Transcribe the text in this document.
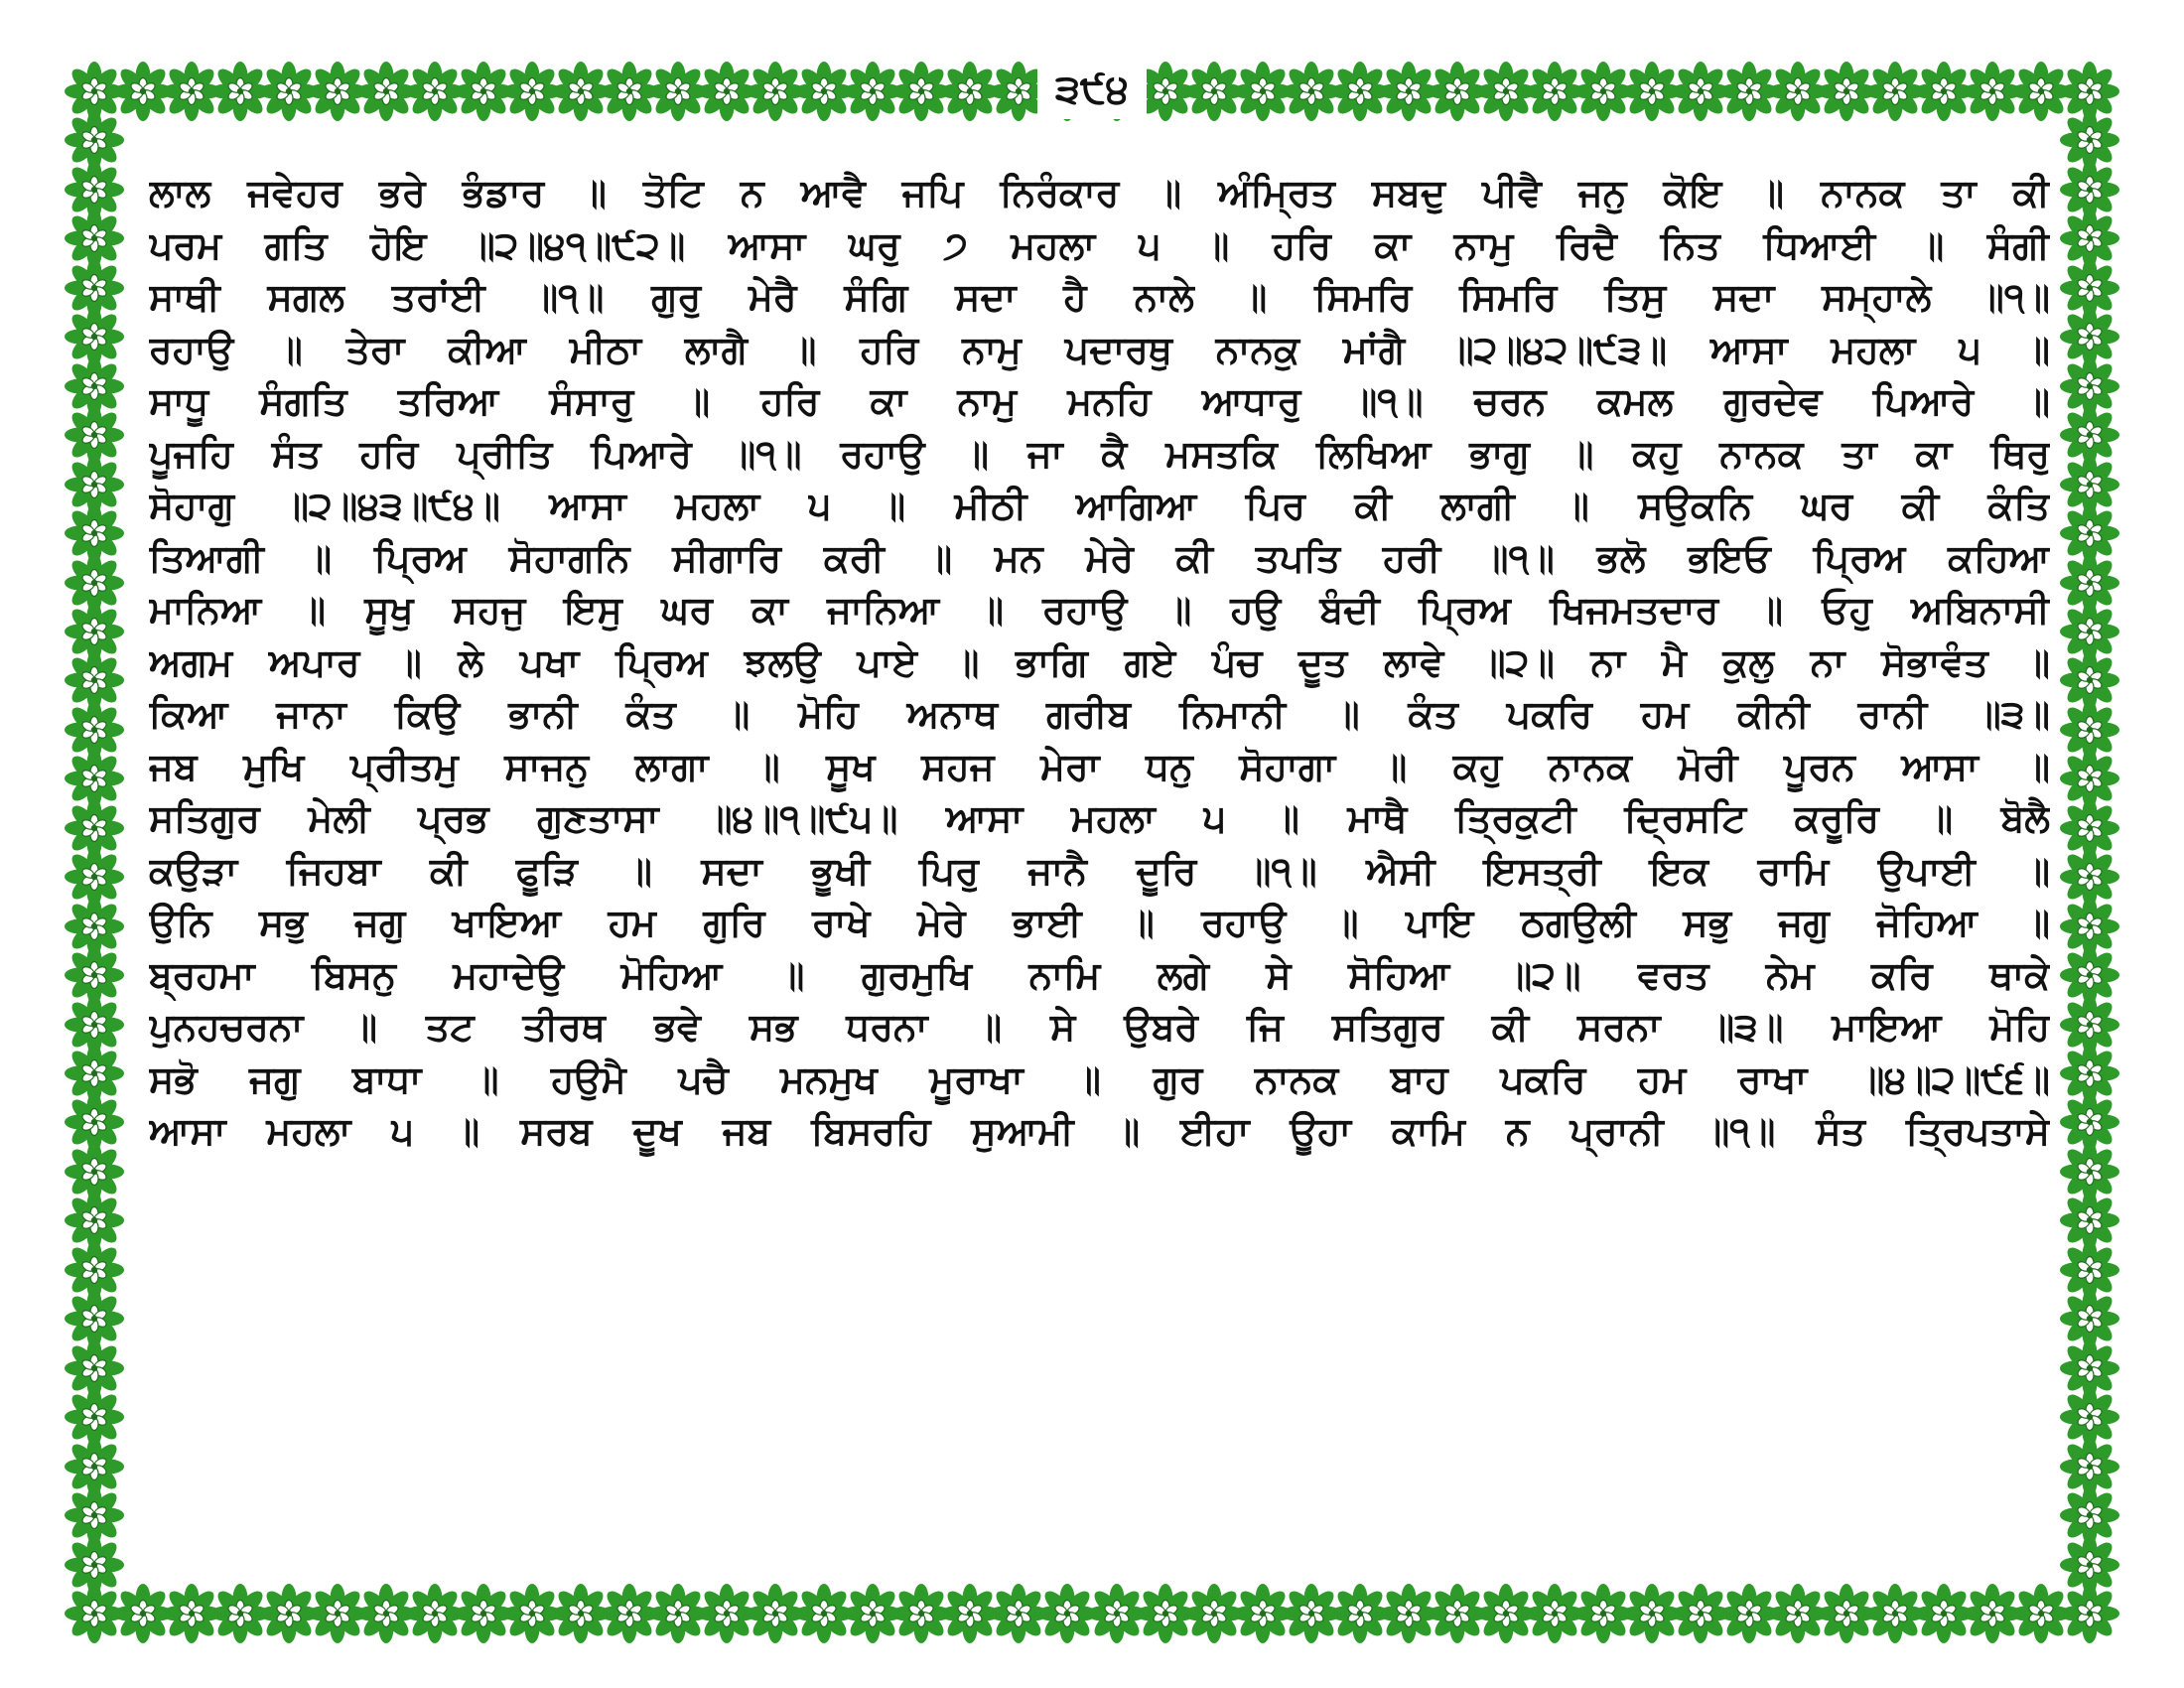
੩੯੪
ਲਾਲ ਜਵੇਹਰ ਭਰੇ ਭੰਡਾਰ ॥ ਤੋਟਿ ਨ ਆਵੈ ਜਪਿ ਨਿਰੰਕਾਰ ॥ ਅੰਮ੍ਰਿਤ ਸਬਦੁ ਪੀਵੈ ਜਨੁ ਕੋਇ ॥ ਨਾਨਕ ਤਾ ਕੀ
ਪਰਮ ਗਤਿ ਹੋਇ ॥੨॥੪੧॥੯੨॥ ਆਸਾ ਘਰੁ ੭ ਮਹਲਾ ੫ ॥ ਹਰਿ ਕਾ ਨਾਮੁ ਰਿਦੈ ਨਿਤ ਧਿਆਈ ॥ ਸੰਗੀ
ਸਾਥੀ ਸਗਲ ਤਰਾਂਈ ॥੧॥ ਗੁਰੁ ਮੇਰੈ ਸੰਗਿ ਸਦਾ ਹੈ ਨਾਲੇ ॥ ਸਿਮਰਿ ਸਿਮਰਿ ਤਿਸੁ ਸਦਾ ਸਮ੍ਹਾਲੇ ॥੧॥
ਰਹਾਉ ॥ ਤੇਰਾ ਕੀਆ ਮੀਠਾ ਲਾਗੈ ॥ ਹਰਿ ਨਾਮੁ ਪਦਾਰਥੁ ਨਾਨਕੁ ਮਾਂਗੈ ॥੨॥੪੨॥੯੩॥ ਆਸਾ ਮਹਲਾ ੫ ॥
ਸਾਧੂ ਸੰਗਤਿ ਤਰਿਆ ਸੰਸਾਰੁ ॥ ਹਰਿ ਕਾ ਨਾਮੁ ਮਨਹਿ ਆਧਾਰੁ ॥੧॥ ਚਰਨ ਕਮਲ ਗੁਰਦੇਵ ਪਿਆਰੇ ॥
ਪੂਜਹਿ ਸੰਤ ਹਰਿ ਪ੍ਰੀਤਿ ਪਿਆਰੇ ॥੧॥ ਰਹਾਉ ॥ ਜਾ ਕੈ ਮਸਤਕਿ ਲਿਖਿਆ ਭਾਗੁ ॥ ਕਹੁ ਨਾਨਕ ਤਾ ਕਾ ਥਿਰੁ
ਸੋਹਾਗੁ ॥੨॥੪੩॥੯੪॥ ਆਸਾ ਮਹਲਾ ੫ ॥ ਮੀਠੀ ਆਗਿਆ ਪਿਰ ਕੀ ਲਾਗੀ ॥ ਸਉਕਨਿ ਘਰ ਕੀ ਕੰਤਿ
ਤਿਆਗੀ ॥ ਪ੍ਰਿਅ ਸੋਹਾਗਨਿ ਸੀਗਾਰਿ ਕਰੀ ॥ ਮਨ ਮੇਰੇ ਕੀ ਤਪਤਿ ਹਰੀ ॥੧॥ ਭਲੋ ਭਇਓ ਪ੍ਰਿਅ ਕਹਿਆ
ਮਾਨਿਆ ॥ ਸੂਖੁ ਸਹਜੁ ਇਸੁ ਘਰ ਕਾ ਜਾਨਿਆ ॥ ਰਹਾਉ ॥ ਹਉ ਬੰਦੀ ਪ੍ਰਿਅ ਖਿਜਮਤਦਾਰ ॥ ਓਹੁ ਅਬਿਨਾਸੀ
ਅਗਮ ਅਪਾਰ ॥ ਲੇ ਪਖਾ ਪ੍ਰਿਅ ਝਲਉ ਪਾਏ ॥ ਭਾਗਿ ਗਏ ਪੰਚ ਦੂਤ ਲਾਵੇ ॥੨॥ ਨਾ ਮੈ ਕੁਲੁ ਨਾ ਸੋਭਾਵੰਤ ॥
ਕਿਆ ਜਾਨਾ ਕਿਉ ਭਾਨੀ ਕੰਤ ॥ ਮੋਹਿ ਅਨਾਥ ਗਰੀਬ ਨਿਮਾਨੀ ॥ ਕੰਤ ਪਕਰਿ ਹਮ ਕੀਨੀ ਰਾਨੀ ॥੩॥
ਜਬ ਮੁਖਿ ਪ੍ਰੀਤਮੁ ਸਾਜਨੁ ਲਾਗਾ ॥ ਸੂਖ ਸਹਜ ਮੇਰਾ ਧਨੁ ਸੋਹਾਗਾ ॥ ਕਹੁ ਨਾਨਕ ਮੋਰੀ ਪੂਰਨ ਆਸਾ ॥
ਸਤਿਗੁਰ ਮੇਲੀ ਪ੍ਰਭ ਗੁਣਤਾਸਾ ॥੪॥੧॥੯੫॥ ਆਸਾ ਮਹਲਾ ੫ ॥ ਮਾਥੈ ਤ੍ਰਿਕੁਟੀ ਦ੍ਰਿਸਟਿ ਕਰੂਰਿ ॥ ਬੋਲੈ
ਕਉੜਾ ਜਿਹਬਾ ਕੀ ਫੂੜਿ ॥ ਸਦਾ ਭੂਖੀ ਪਿਰੁ ਜਾਨੈ ਦੂਰਿ ॥੧॥ ਐਸੀ ਇਸਤ੍ਰੀ ਇਕ ਰਾਮਿ ਉਪਾਈ ॥
ਉਨਿ ਸਭੁ ਜਗੁ ਖਾਇਆ ਹਮ ਗੁਰਿ ਰਾਖੇ ਮੇਰੇ ਭਾਈ ॥ ਰਹਾਉ ॥ ਪਾਇ ਠਗਉਲੀ ਸਭੁ ਜਗੁ ਜੋਹਿਆ ॥
ਬ੍ਰਹਮਾ ਬਿਸਨੁ ਮਹਾਦੇਉ ਮੋਹਿਆ ॥ ਗੁਰਮੁਖਿ ਨਾਮਿ ਲਗੇ ਸੇ ਸੋਹਿਆ ॥੨॥ ਵਰਤ ਨੇਮ ਕਰਿ ਥਾਕੇ
ਪੁਨਹਚਰਨਾ ॥ ਤਟ ਤੀਰਥ ਭਵੇ ਸਭ ਧਰਨਾ ॥ ਸੇ ਉਬਰੇ ਜਿ ਸਤਿਗੁਰ ਕੀ ਸਰਨਾ ॥੩॥ ਮਾਇਆ ਮੋਹਿ
ਸਭੋ ਜਗੁ ਬਾਧਾ ॥ ਹਉਮੈ ਪਚੈ ਮਨਮੁਖ ਮੂਰਾਖਾ ॥ ਗੁਰ ਨਾਨਕ ਬਾਹ ਪਕਰਿ ਹਮ ਰਾਖਾ ॥੪॥੨॥੯੬॥
ਆਸਾ ਮਹਲਾ ੫ ॥ ਸਰਬ ਦੂਖ ਜਬ ਬਿਸਰਹਿ ਸੁਆਮੀ ॥ ਈਹਾ ਊਹਾ ਕਾਮਿ ਨ ਪ੍ਰਾਨੀ ॥੧॥ ਸੰਤ ਤ੍ਰਿਪਤਾਸੇ
